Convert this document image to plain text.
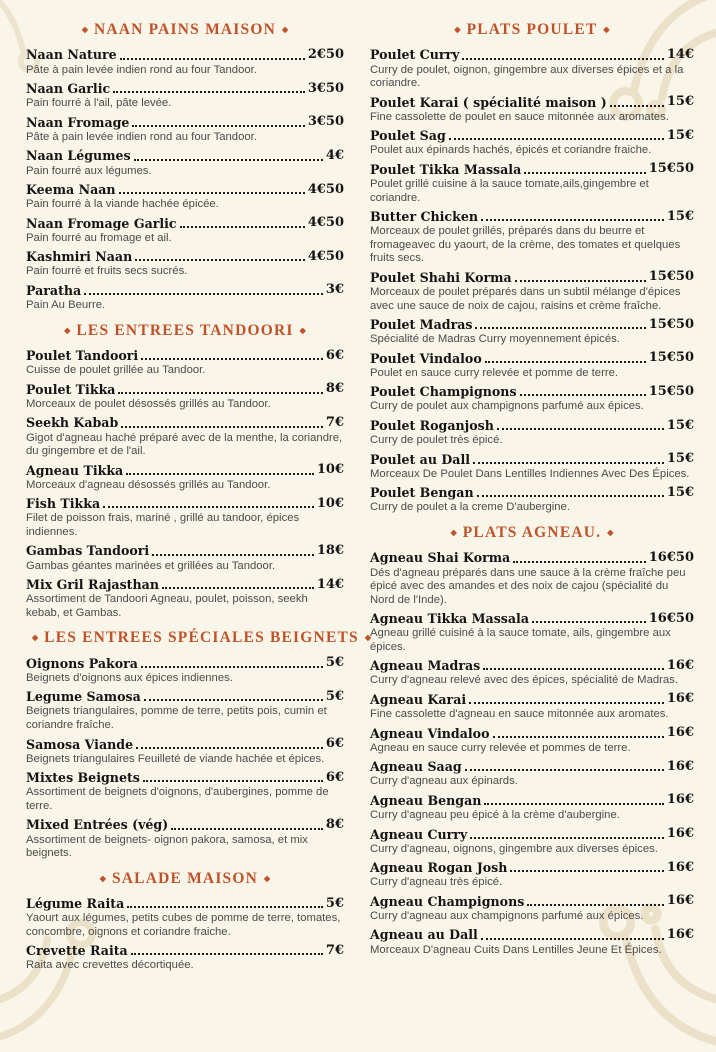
◆ NAAN PAINS MAISON ◆
Naan Nature	2€50
Pâte à pain levée indien rond au four Tandoor.
Naan Garlic	3€50
Pain fourré à l'ail, pâte levée.
Naan Fromage	3€50
Pâte à pain levée indien rond au four Tandoor.
Naan Légumes	4€
Pain fourré aux légumes.
Keema Naan	4€50
Pain fourré à la viande hachée épicée.
Naan Fromage Garlic	4€50
Pain fourré au fromage et ail.
Kashmiri Naan	4€50
Pain fourré et fruits secs sucrés.
Paratha	3€
Pain Au Beurre.
◆ LES ENTREES TANDOORI ◆
Poulet Tandoori	6€
Cuisse de poulet grillée au Tandoor.
Poulet Tikka	8€
Morceaux de poulet désossés grillés au Tandoor.
Seekh Kabab	7€
Gigot d'agneau haché préparé avec de la menthe, la coriandre, du gingembre et de l'ail.
Agneau Tikka	10€
Morceaux d'agneau désossés grillés au Tandoor.
Fish Tikka	10€
Filet de poisson frais, mariné , grillé au tandoor, épices indiennes.
Gambas Tandoori	18€
Gambas géantes marinées et grillées au Tandoor.
Mix Gril Rajasthan	14€
Assortiment de Tandoori Agneau, poulet, poisson, seekh kebab, et Gambas.
◆ LES ENTREES SPÉCIALES BEIGNETS ◆
Oignons Pakora	5€
Beignets d'oignons aux épices indiennes.
Legume Samosa	5€
Beignets triangulaires, pomme de terre, petits pois, cumin et coriandre fraîche.
Samosa Viande	6€
Beignets triangulaires Feuilleté de viande hachée et épices.
Mixtes Beignets	6€
Assortiment de beignets d'oignons, d'aubergines, pomme de terre.
Mixed Entrées (vég)	8€
Assortiment de beignets- oignon pakora, samosa, et mix beignets.
◆ SALADE MAISON ◆
Légume Raita	5€
Yaourt aux légumes, petits cubes de pomme de terre, tomates, concombre, oignons et coriandre fraiche.
Crevette Raita	7€
Raita avec crevettes décortiquée.
◆ PLATS POULET ◆
Poulet Curry	14€
Curry de poulet, oignon, gingembre aux diverses épices et a la coriandre.
Poulet Karai ( spécialité maison )	15€
Fine cassolette de poulet en sauce mitonnée aux aromates.
Poulet Sag	15€
Poulet aux épinards hachés, épicés et coriandre fraiche.
Poulet Tikka Massala	15€50
Poulet grillé cuisine à la sauce tomate,ails,gingembre et coriandre.
Butter Chicken	15€
Morceaux de poulet grillés, préparés dans du beurre et fromageavec du yaourt, de la crème, des tomates et quelques fruits secs.
Poulet Shahi Korma	15€50
Morceaux de poulet préparés dans un subtil mélange d'épices avec une sauce de noix de cajou, raisins et crème fraîche.
Poulet Madras	15€50
Spécialité de Madras Curry moyennement épicés.
Poulet Vindaloo	15€50
Poulet en sauce curry relevée et pomme de terre.
Poulet Champignons	15€50
Curry de poulet aux champignons parfumé aux épices.
Poulet Roganjosh	15€
Curry de poulet très épicé.
Poulet au Dall	15€
Morceaux De Poulet Dans Lentilles Indiennes Avec Des Épices.
Poulet Bengan	15€
Curry de poulet a la creme D'aubergine.
◆ PLATS AGNEAU. ◆
Agneau Shai Korma	16€50
Dés d'agneau préparés dans une sauce à la crème fraîche peu épicé avec des amandes et des noix de cajou (spécialité du Nord de l'Inde).
Agneau Tikka Massala	16€50
Agneau grillé cuisiné à la sauce tomate, ails, gingembre aux épices.
Agneau Madras	16€
Curry d'agneau relevé avec des épices, spécialité de Madras.
Agneau Karai	16€
Fine cassolette d'agneau en sauce mitonnée aux aromates.
Agneau Vindaloo	16€
Agneau en sauce curry relevée et pommes de terre.
Agneau Saag	16€
Curry d'agneau aux épinards.
Agneau Bengan	16€
Curry d'agneau peu épicé à la crème d'aubergine.
Agneau Curry	16€
Curry d'agneau, oignons, gingembre aux diverses épices.
Agneau Rogan Josh	16€
Curry d'agneau très épicé.
Agneau Champignons	16€
Curry d'agneau aux champignons parfumé aux épices.
Agneau au Dall	16€
Morceaux D'agneau Cuits Dans Lentilles Jeune Et Épices.
